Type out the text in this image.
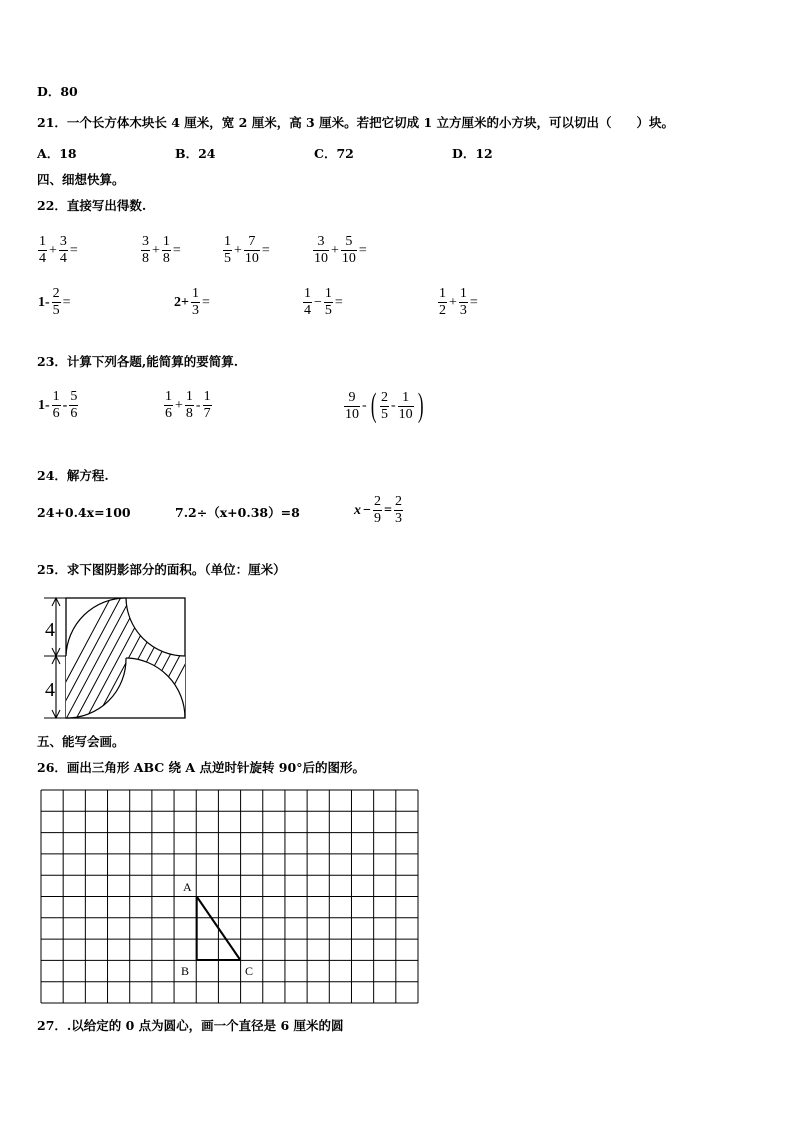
D．80
21．一个长方体木块长 4 厘米，宽 2 厘米，高 3 厘米。若把它切成 1 立方厘米的小方块，可以切出（　　）块。
A．18	B．24	C．72	D．12
四、细想快算。
22．直接写出得数.
$\frac{1}{4} + \frac{3}{4}$ =	$\frac{3}{8} + \frac{1}{8}$ =	$\frac{1}{5} + \frac{7}{10}$ =	$\frac{3}{10} + \frac{5}{10}$ =
$1- \frac{2}{5}$ =	$2+ \frac{1}{3}$ =	$\frac{1}{4} - \frac{1}{5}$ =	$\frac{1}{2} + \frac{1}{3}$ =
23．计算下列各题,能简算的要简算.
$1- \frac{1}{6} - \frac{5}{6}$	$\frac{1}{6} + \frac{1}{8} - \frac{1}{7}$	$\frac{9}{10}$ - ( $\frac{2}{5} - \frac{1}{10}$ )
24．解方程.
24+0.4x=100	7.2÷（x+0.38）=8	$x - \frac{2}{9} = \frac{2}{3}$
25．求下图阴影部分的面积。（单位：厘米）
4
4
五、能写会画。
26．画出三角形 ABC 绕 A 点逆时针旋转 90°后的图形。
A
B	C
27．.以给定的 0 点为圆心，画一个直径是 6 厘米的圆
